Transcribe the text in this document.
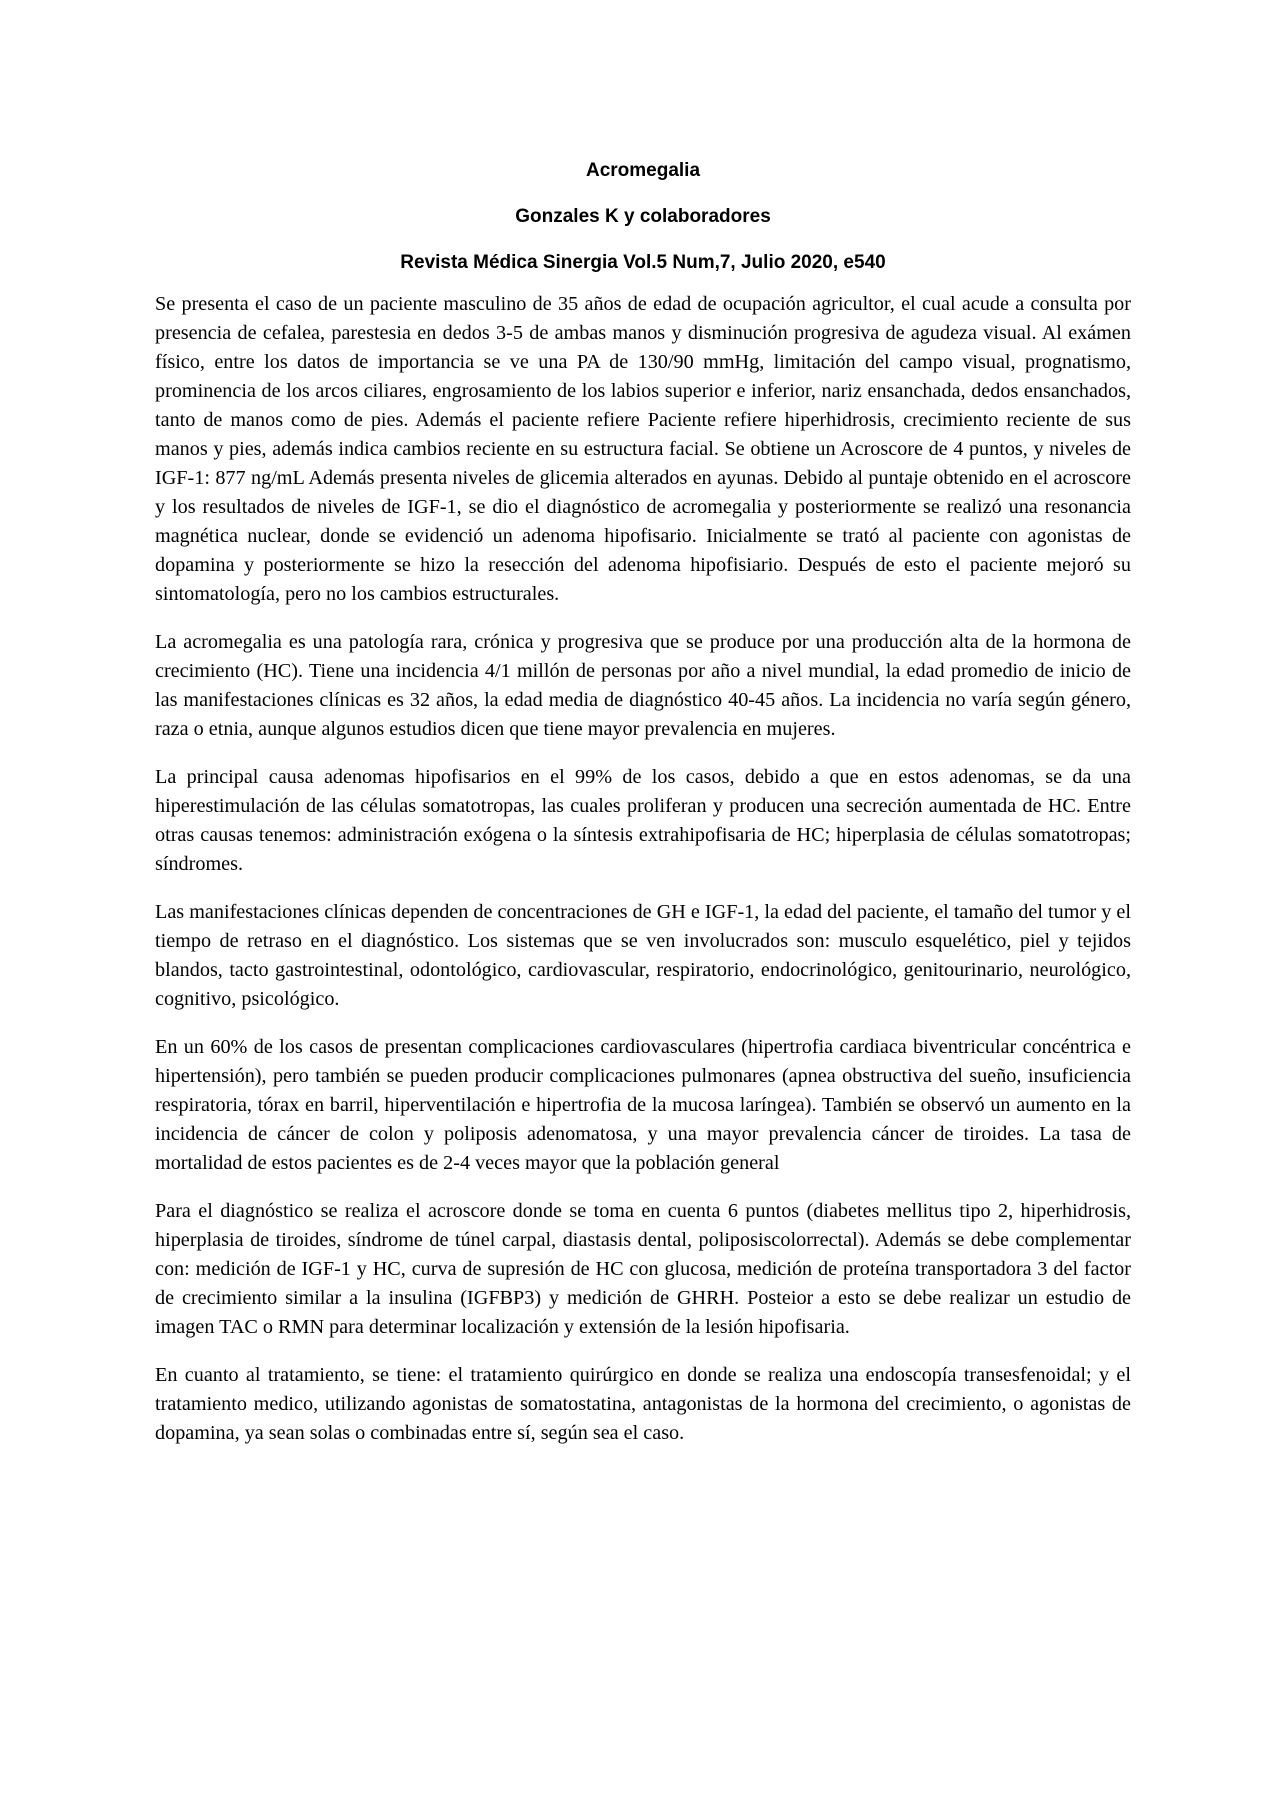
Acromegalia

Gonzales K y colaboradores

Revista Médica Sinergia Vol.5 Num,7, Julio 2020, e540

Se presenta el caso de un paciente masculino de 35 años de edad de ocupación agricultor, el cual acude a consulta por presencia de cefalea, parestesia en dedos 3-5 de ambas manos y disminución progresiva de agudeza visual. Al exámen físico, entre los datos de importancia se ve una PA de 130/90 mmHg, limitación del campo visual, prognatismo, prominencia de los arcos ciliares, engrosamiento de los labios superior e inferior, nariz ensanchada, dedos ensanchados, tanto de manos como de pies. Además el paciente refiere Paciente refiere hiperhidrosis, crecimiento reciente de sus manos y pies, además indica cambios reciente en su estructura facial. Se obtiene un Acroscore de 4 puntos, y niveles de IGF-1: 877 ng/mL Además presenta niveles de glicemia alterados en ayunas. Debido al puntaje obtenido en el acroscore y los resultados de niveles de IGF-1, se dio el diagnóstico de acromegalia y posteriormente se realizó una resonancia magnética nuclear, donde se evidenció un adenoma hipofisario. Inicialmente se trató al paciente con agonistas de dopamina y posteriormente se hizo la resección del adenoma hipofisiario. Después de esto el paciente mejoró su sintomatología, pero no los cambios estructurales.

La acromegalia es una patología rara, crónica y progresiva que se produce por una producción alta de la hormona de crecimiento (HC). Tiene una incidencia 4/1 millón de personas por año a nivel mundial, la edad promedio de inicio de las manifestaciones clínicas es 32 años, la edad media de diagnóstico 40-45 años. La incidencia no varía según género, raza o etnia, aunque algunos estudios dicen que tiene mayor prevalencia en mujeres.

La principal causa adenomas hipofisarios en el 99% de los casos, debido a que en estos adenomas, se da una hiperestimulación de las células somatotropas, las cuales proliferan y producen una secreción aumentada de HC. Entre otras causas tenemos: administración exógena o la síntesis extrahipofisaria de HC; hiperplasia de células somatotropas; síndromes.

Las manifestaciones clínicas dependen de concentraciones de GH e IGF-1, la edad del paciente, el tamaño del tumor y el tiempo de retraso en el diagnóstico. Los sistemas que se ven involucrados son: musculo esquelético, piel y tejidos blandos, tacto gastrointestinal, odontológico, cardiovascular, respiratorio, endocrinológico, genitourinario, neurológico, cognitivo, psicológico.

En un 60% de los casos de presentan complicaciones cardiovasculares (hipertrofia cardiaca biventricular concéntrica e hipertensión), pero también se pueden producir complicaciones pulmonares (apnea obstructiva del sueño, insuficiencia respiratoria, tórax en barril, hiperventilación e hipertrofia de la mucosa laríngea). También se observó un aumento en la incidencia de cáncer de colon y poliposis adenomatosa, y una mayor prevalencia cáncer de tiroides. La tasa de mortalidad de estos pacientes es de 2-4 veces mayor que la población general

Para el diagnóstico se realiza el acroscore donde se toma en cuenta 6 puntos (diabetes mellitus tipo 2, hiperhidrosis, hiperplasia de tiroides, síndrome de túnel carpal, diastasis dental, poliposiscolorrectal). Además se debe complementar con: medición de IGF-1 y HC, curva de supresión de HC con glucosa, medición de proteína transportadora 3 del factor de crecimiento similar a la insulina (IGFBP3) y medición de GHRH. Posteior a esto se debe realizar un estudio de imagen TAC o RMN para determinar localización y extensión de la lesión hipofisaria.

En cuanto al tratamiento, se tiene: el tratamiento quirúrgico en donde se realiza una endoscopía transesfenoidal; y el tratamiento medico, utilizando agonistas de somatostatina, antagonistas de la hormona del crecimiento, o agonistas de dopamina, ya sean solas o combinadas entre sí, según sea el caso.
